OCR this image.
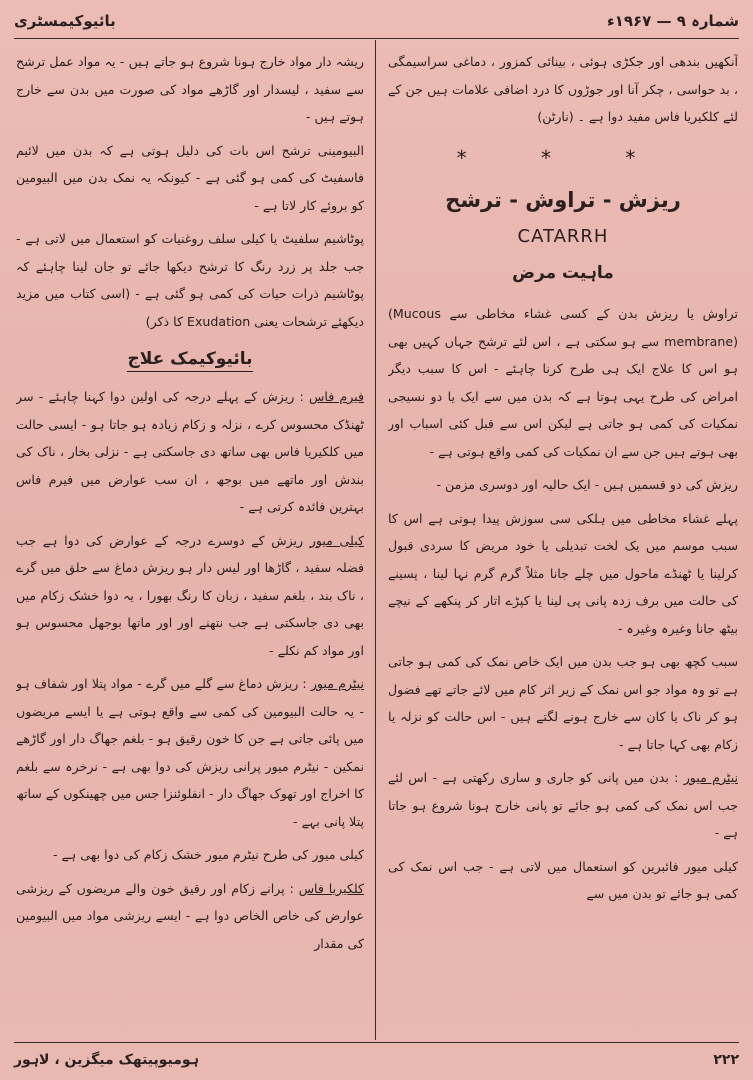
بائیوکیمسٹری	شمارہ ۹ — ۱۹۶۷ء

آنکھیں بندھی اور جکڑی ہوئی ، بینائی کمزور ، دماغی سراسیمگی ، بد حواسی ، چکر آنا اور جوڑوں کا درد اضافی علامات ہیں جن کے لئے کلکیریا فاس مفید دوا ہے ۔ (نارٹن)

* * *
ریزش - تراوش - ترشح
CATARRH
ماہیت مرض

تراوش یا ریزش بدن کے کسی غشاء مخاطی سے (Mucous membrane) سے ہو سکتی ہے ، اس لئے ترشح جہاں کہیں بھی ہو اس کا علاج ایک ہی طرح کرنا چاہئے - اس کا سبب دیگر امراض کی طرح یہی ہوتا ہے کہ بدن میں سے ایک یا دو نسیجی نمکیات کی کمی ہو جاتی ہے لیکن اس سے قبل کئی اسباب اور بھی ہوتے ہیں جن سے ان نمکیات کی کمی واقع ہوتی ہے -

ریزش کی دو قسمیں ہیں - ایک حالیہ اور دوسری مزمن -

پہلے غشاء مخاطی میں ہلکی سی سوزش پیدا ہوتی ہے اس کا سبب موسم میں یک لخت تبدیلی یا خود مریض کا سردی قبول کرلینا یا ٹھنڈے ماحول میں چلے جانا مثلاً گرم گرم نہا لینا ، پسینے کی حالت میں برف زدہ پانی پی لینا یا کپڑے اتار کر پنکھے کے نیچے بیٹھ جانا وغیرہ وغیرہ -

سبب کچھ بھی ہو جب بدن میں ایک خاص نمک کی کمی ہو جاتی ہے تو وہ مواد جو اس نمک کے زیر اثر کام میں لائے جاتے تھے فضول ہو کر ناک یا کان سے خارج ہونے لگتے ہیں - اس حالت کو نزلہ یا زکام بھی کہا جاتا ہے -

نیٹرم میور : بدن میں پانی کو جاری و ساری رکھتی ہے - اس لئے جب اس نمک کی کمی ہو جائے تو پانی خارج ہونا شروع ہو جاتا ہے -

کیلی میور فائبرین کو استعمال میں لاتی ہے - جب اس نمک کی کمی ہو جائے تو بدن میں سے

ریشہ دار مواد خارج ہونا شروع ہو جاتے ہیں - یہ مواد عمل ترشح سے سفید ، لیسدار اور گاڑھے مواد کی صورت میں بدن سے خارج ہوتے ہیں -

البیومینی ترشح اس بات کی دلیل ہوتی ہے کہ بدن میں لائیم فاسفیٹ کی کمی ہو گئی ہے - کیونکہ یہ نمک بدن میں البیومین کو بروئے کار لاتا ہے -

پوٹاشیم سلفیٹ یا کیلی سلف روغنیات کو استعمال میں لاتی ہے - جب جلد پر زرد رنگ کا ترشح دیکھا جائے تو جان لینا چاہئے کہ پوٹاشیم ذرات حیات کی کمی ہو گئی ہے - (اسی کتاب میں مزید دیکھئے ترشحات یعنی Exudation کا ذکر)

بائیوکیمک علاج

فیرم فاس : ریزش کے پہلے درجہ کی اولین دوا کہنا چاہئے - سر ٹھنڈک محسوس کرے ، نزلہ و زکام زیادہ ہو جاتا ہو - ایسی حالت میں کلکیریا فاس بھی ساتھ دی جاسکتی ہے - نزلی بخار ، ناک کی بندش اور ماتھے میں بوجھ ، ان سب عوارض میں فیرم فاس بہترین فائدہ کرتی ہے -

کیلی میور ریزش کے دوسرے درجہ کے عوارض کی دوا ہے جب فضلہ سفید ، گاڑھا اور لیس دار ہو ریزش دماغ سے حلق میں گرے ، ناک بند ، بلغم سفید ، زبان کا رنگ بھورا ، یہ دوا خشک زکام میں بھی دی جاسکتی ہے جب نتھنے اور اور ماتھا بوجھل محسوس ہو اور مواد کم نکلے -

نیٹرم میور : ریزش دماغ سے گلے میں گرے - مواد پتلا اور شفاف ہو - یہ حالت البیومین کی کمی سے واقع ہوتی ہے یا ایسے مریضوں میں پائی جاتی ہے جن کا خون رقیق ہو - بلغم جھاگ دار اور گاڑھے نمکین - نیٹرم میور پرانی ریزش کی دوا بھی ہے - نرخرہ سے بلغم کا اخراج اور تھوک جھاگ دار - انفلوئنزا جس میں چھینکوں کے ساتھ پتلا پانی بہے -

کیلی میور کی طرح نیٹرم میور خشک زکام کی دوا بھی ہے -

کلکیریا فاس : پرانے زکام اور رقیق خون والے مریضوں کے ریزشی عوارض کی خاص الخاص دوا ہے - ایسے ریزشی مواد میں البیومین کی مقدار

ہومیوپیتھک میگزین ، لاہور	۲۲۲
